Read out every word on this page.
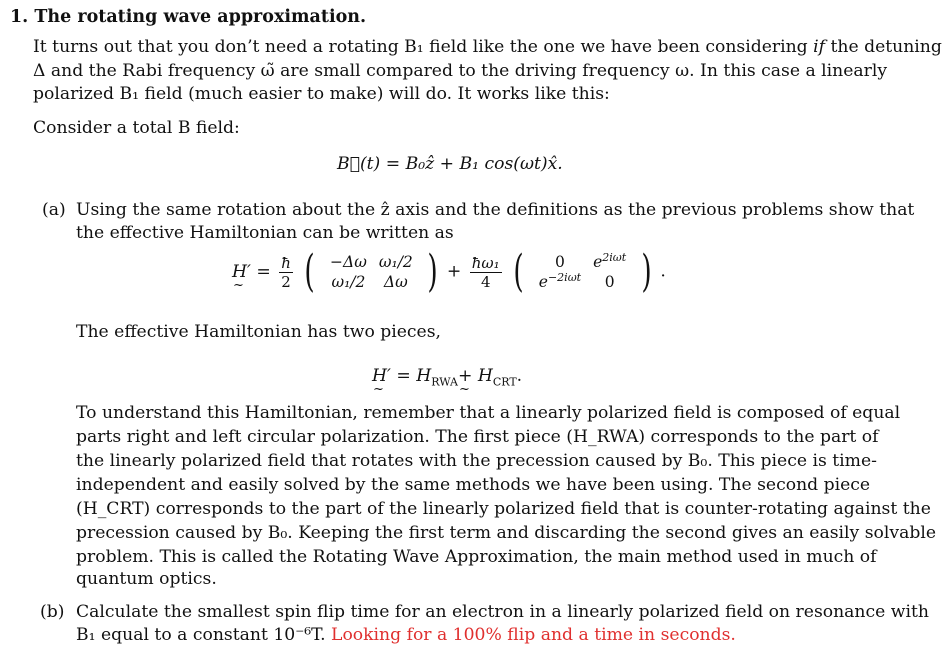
1. The rotating wave approximation.
It turns out that you don’t need a rotating B₁ field like the one we have been considering if the detuning
Δ and the Rabi frequency ω̃ are small compared to the driving frequency ω. In this case a linearly
polarized B₁ field (much easier to make) will do. It works like this:
Consider a total B field:
B⃗(t) = B₀ẑ + B₁ cos(ωt)x̂.
(a) Using the same rotation about the ẑ axis and the definitions as the previous problems show that
the effective Hamiltonian can be written as
H′ = ~ $\frac{ħ}{2}$ ( −Δω	ω₁/2
ω₁/2	Δω ) + $\frac{\text{ħω₁}}{4}$ ( 0	$e^{2i\omega t}$
$e^{-2i\omega t}$	0 ) .
The effective Hamiltonian has two pieces,
H′ = H $\sim_{RWA}+ H$ $\sim_{CRT}$.
To understand this Hamiltonian, remember that a linearly polarized field is composed of equal
parts right and left circular polarization. The first piece (H_RWA) corresponds to the part of
the linearly polarized field that rotates with the precession caused by B₀. This piece is time-
independent and easily solved by the same methods we have been using. The second piece
(H_CRT) corresponds to the part of the linearly polarized field that is counter-rotating against the
precession caused by B₀. Keeping the first term and discarding the second gives an easily solvable
problem. This is called the Rotating Wave Approximation, the main method used in much of
quantum optics.
(b) Calculate the smallest spin flip time for an electron in a linearly polarized field on resonance with
B₁ equal to a constant 10⁻⁶T. Looking for a 100% flip and a time in seconds.
